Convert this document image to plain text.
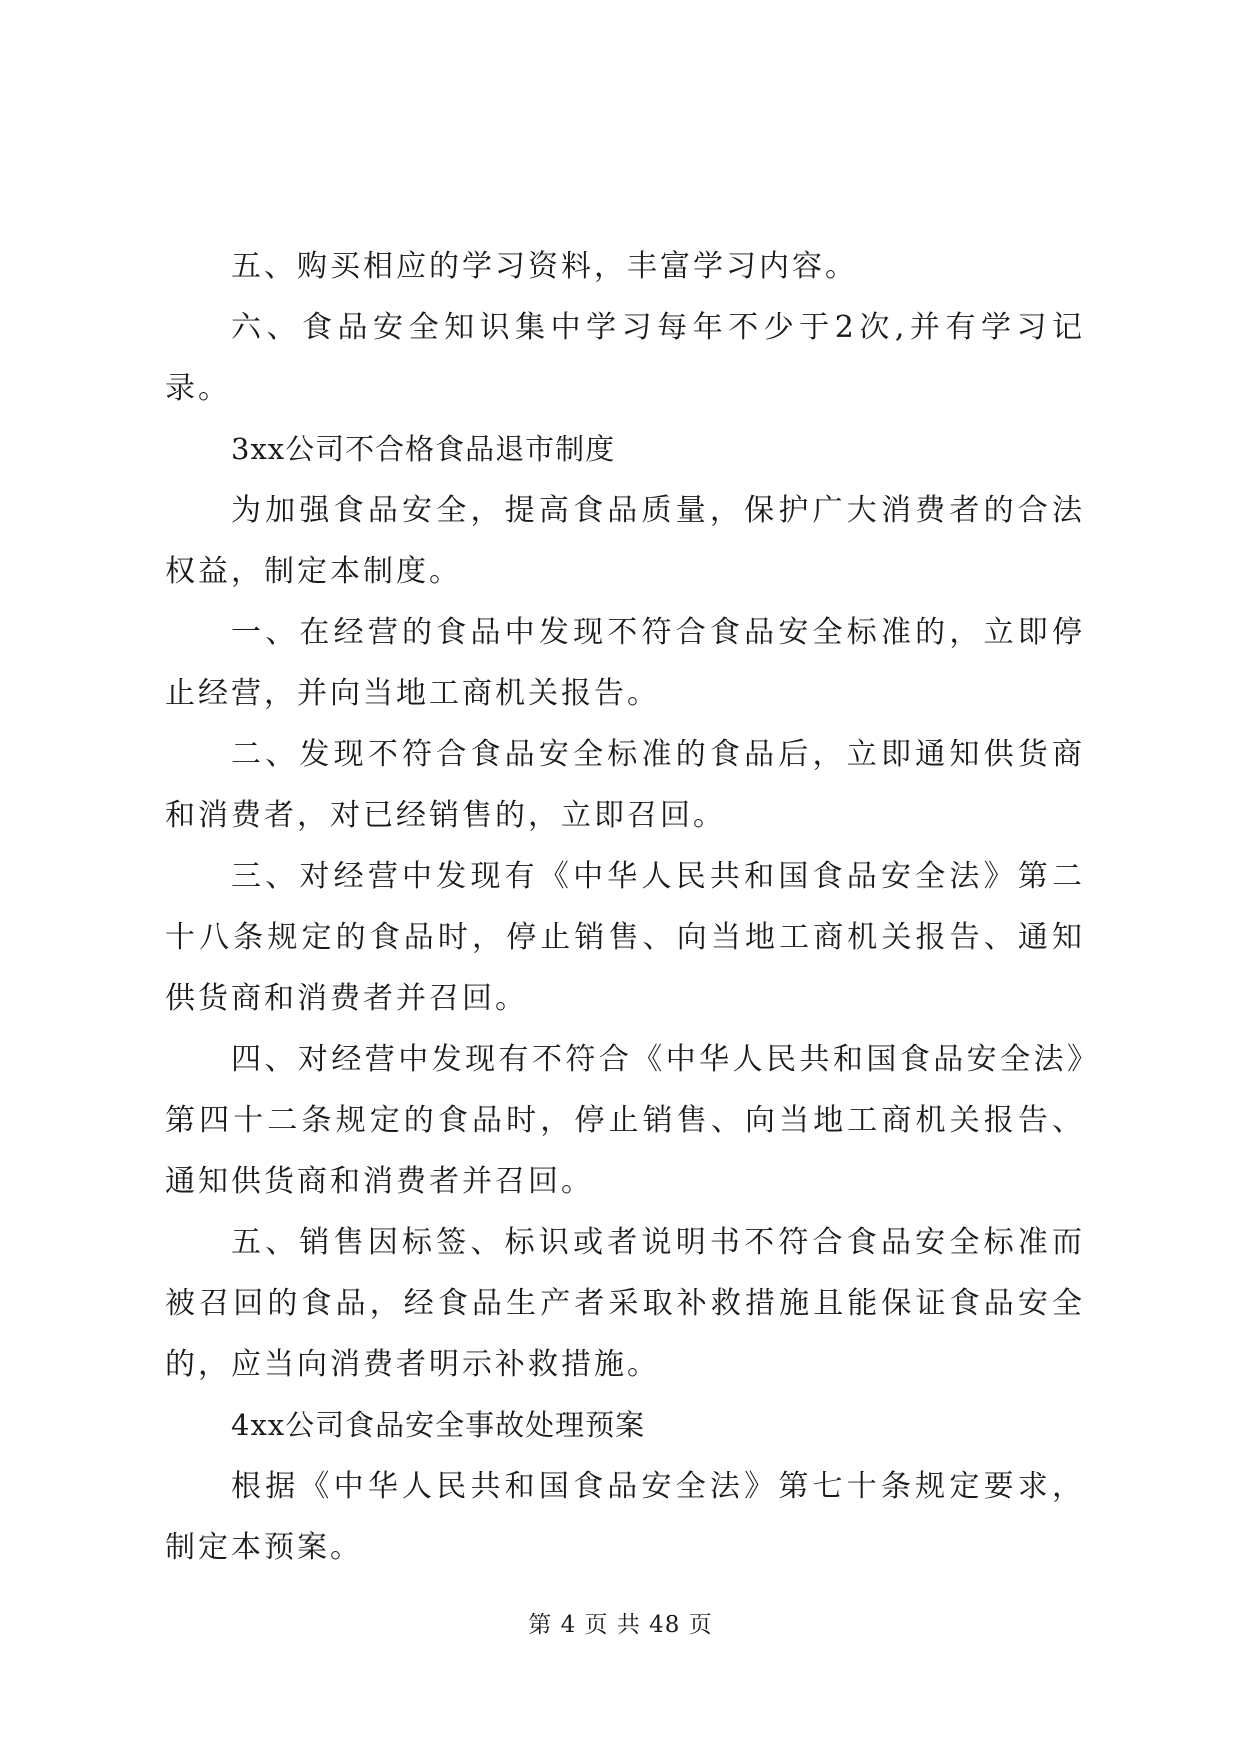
五、购买相应的学习资料，丰富学习内容。

六、食品安全知识集中学习每年不少于2次,并有学习记录。

3xx公司不合格食品退市制度

为加强食品安全，提高食品质量，保护广大消费者的合法权益，制定本制度。

一、在经营的食品中发现不符合食品安全标准的，立即停止经营，并向当地工商机关报告。

二、发现不符合食品安全标准的食品后，立即通知供货商和消费者，对已经销售的，立即召回。

三、对经营中发现有《中华人民共和国食品安全法》第二十八条规定的食品时，停止销售、向当地工商机关报告、通知供货商和消费者并召回。

四、对经营中发现有不符合《中华人民共和国食品安全法》第四十二条规定的食品时，停止销售、向当地工商机关报告、通知供货商和消费者并召回。

五、销售因标签、标识或者说明书不符合食品安全标准而被召回的食品，经食品生产者采取补救措施且能保证食品安全的，应当向消费者明示补救措施。

4xx公司食品安全事故处理预案

根据《中华人民共和国食品安全法》第七十条规定要求，制定本预案。

第 4 页 共 48 页
